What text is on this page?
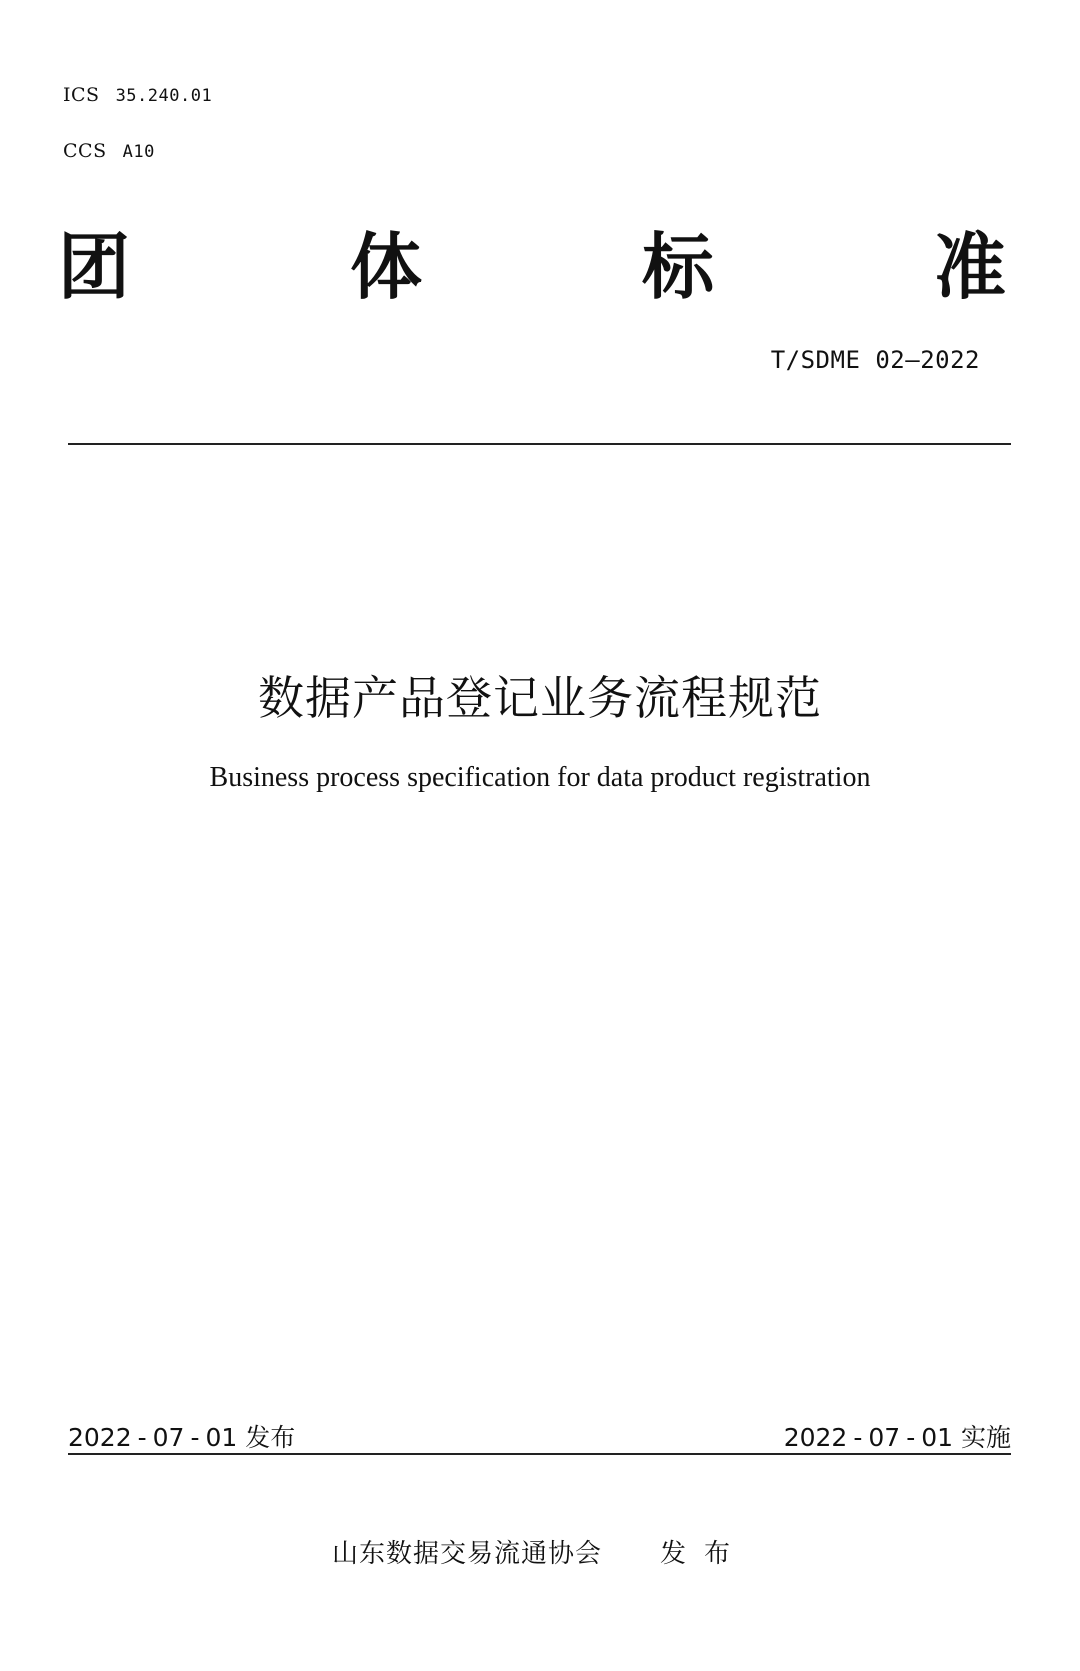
ICS 35.240.01
CCS A10
团	体	标	准
T/SDME 02—2022
数据产品登记业务流程规范
Business process specification for data product registration
2022 - 07 - 01 发布	2022 - 07 - 01 实施
山东数据交易流通协会 发布
